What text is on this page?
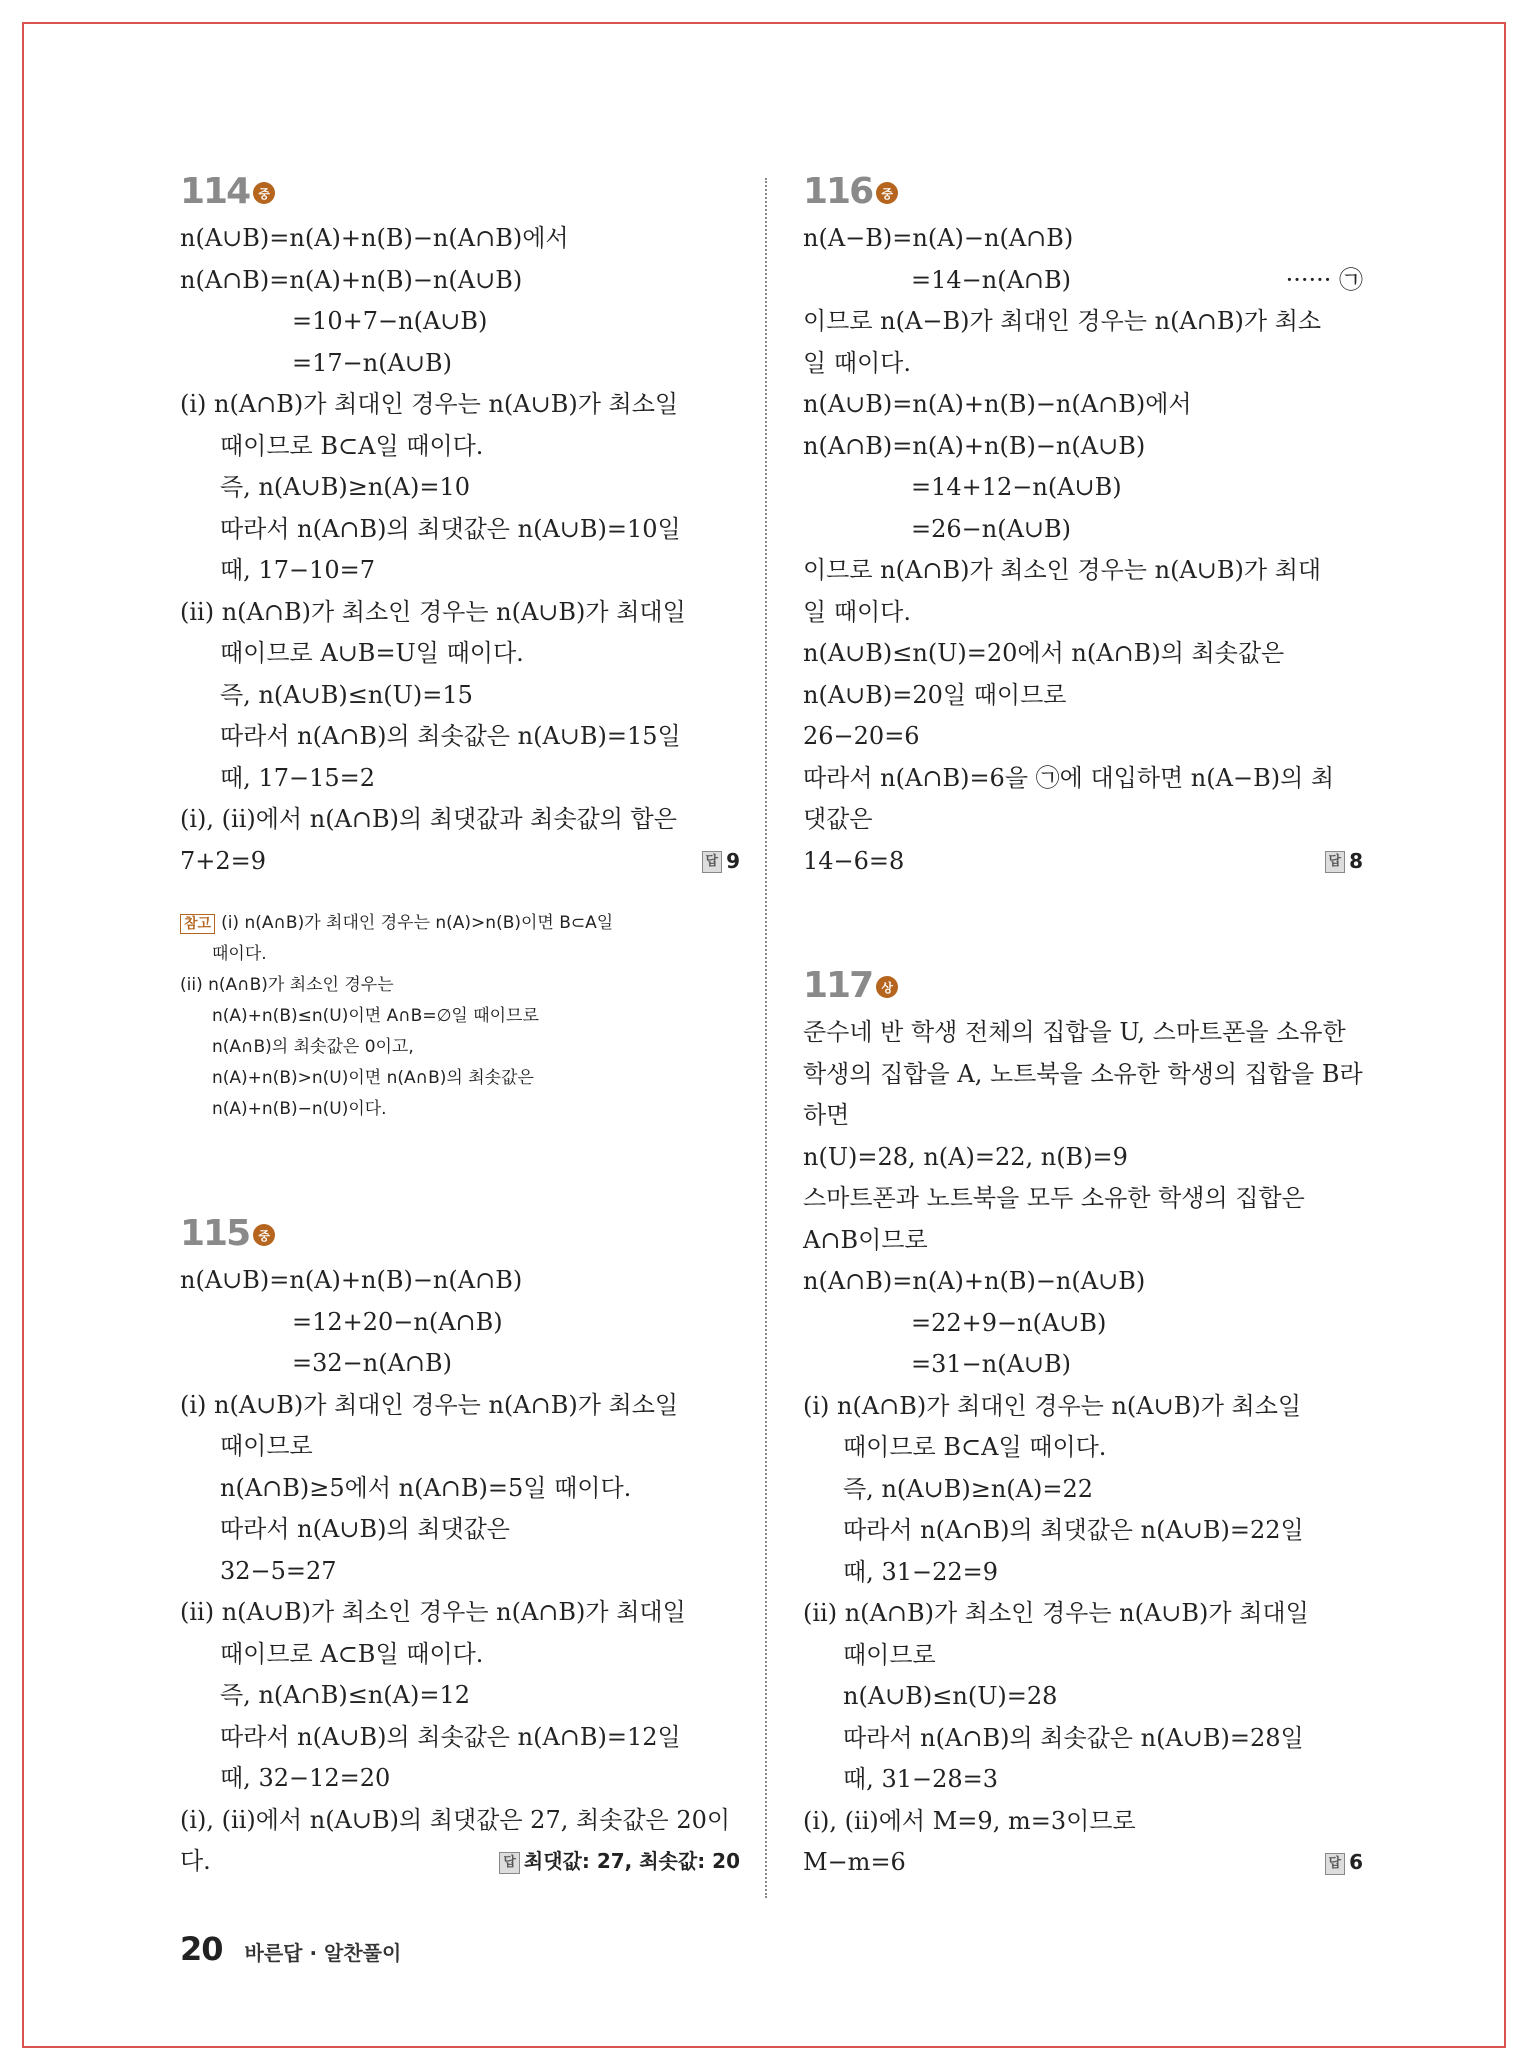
114 중
n(A∪B)=n(A)+n(B)−n(A∩B)에서
n(A∩B)=n(A)+n(B)−n(A∪B)
=10+7−n(A∪B)
=17−n(A∪B)
(i) n(A∩B)가 최대인 경우는 n(A∪B)가 최소일
때이므로 B⊂A일 때이다.
즉, n(A∪B)≥n(A)=10
따라서 n(A∩B)의 최댓값은 n(A∪B)=10일
때, 17−10=7
(ii) n(A∩B)가 최소인 경우는 n(A∪B)가 최대일
때이므로 A∪B=U일 때이다.
즉, n(A∪B)≤n(U)=15
따라서 n(A∩B)의 최솟값은 n(A∪B)=15일
때, 17−15=2
(i), (ii)에서 n(A∩B)의 최댓값과 최솟값의 합은
7+2=9	답 9
참고 (i) n(A∩B)가 최대인 경우는 n(A)>n(B)이면 B⊂A일
때이다.
(ii) n(A∩B)가 최소인 경우는
n(A)+n(B)≤n(U)이면 A∩B=∅일 때이므로
n(A∩B)의 최솟값은 0이고,
n(A)+n(B)>n(U)이면 n(A∩B)의 최솟값은
n(A)+n(B)−n(U)이다.
115 중
n(A∪B)=n(A)+n(B)−n(A∩B)
=12+20−n(A∩B)
=32−n(A∩B)
(i) n(A∪B)가 최대인 경우는 n(A∩B)가 최소일
때이므로
n(A∩B)≥5에서 n(A∩B)=5일 때이다.
따라서 n(A∪B)의 최댓값은
32−5=27
(ii) n(A∪B)가 최소인 경우는 n(A∩B)가 최대일
때이므로 A⊂B일 때이다.
즉, n(A∩B)≤n(A)=12
따라서 n(A∪B)의 최솟값은 n(A∩B)=12일
때, 32−12=20
(i), (ii)에서 n(A∪B)의 최댓값은 27, 최솟값은 20이
다.	답 최댓값: 27, 최솟값: 20
116 중
n(A−B)=n(A)−n(A∩B)
=14−n(A∩B)	······ ㉠
이므로 n(A−B)가 최대인 경우는 n(A∩B)가 최소
일 때이다.
n(A∪B)=n(A)+n(B)−n(A∩B)에서
n(A∩B)=n(A)+n(B)−n(A∪B)
=14+12−n(A∪B)
=26−n(A∪B)
이므로 n(A∩B)가 최소인 경우는 n(A∪B)가 최대
일 때이다.
n(A∪B)≤n(U)=20에서 n(A∩B)의 최솟값은
n(A∪B)=20일 때이므로
26−20=6
따라서 n(A∩B)=6을 ㉠에 대입하면 n(A−B)의 최
댓값은
14−6=8	답 8
117 상
준수네 반 학생 전체의 집합을 U, 스마트폰을 소유한
학생의 집합을 A, 노트북을 소유한 학생의 집합을 B라
하면
n(U)=28, n(A)=22, n(B)=9
스마트폰과 노트북을 모두 소유한 학생의 집합은
A∩B이므로
n(A∩B)=n(A)+n(B)−n(A∪B)
=22+9−n(A∪B)
=31−n(A∪B)
(i) n(A∩B)가 최대인 경우는 n(A∪B)가 최소일
때이므로 B⊂A일 때이다.
즉, n(A∪B)≥n(A)=22
따라서 n(A∩B)의 최댓값은 n(A∪B)=22일
때, 31−22=9
(ii) n(A∩B)가 최소인 경우는 n(A∪B)가 최대일
때이므로
n(A∪B)≤n(U)=28
따라서 n(A∩B)의 최솟값은 n(A∪B)=28일
때, 31−28=3
(i), (ii)에서 M=9, m=3이므로
M−m=6	답 6
20 바른답 · 알찬풀이
